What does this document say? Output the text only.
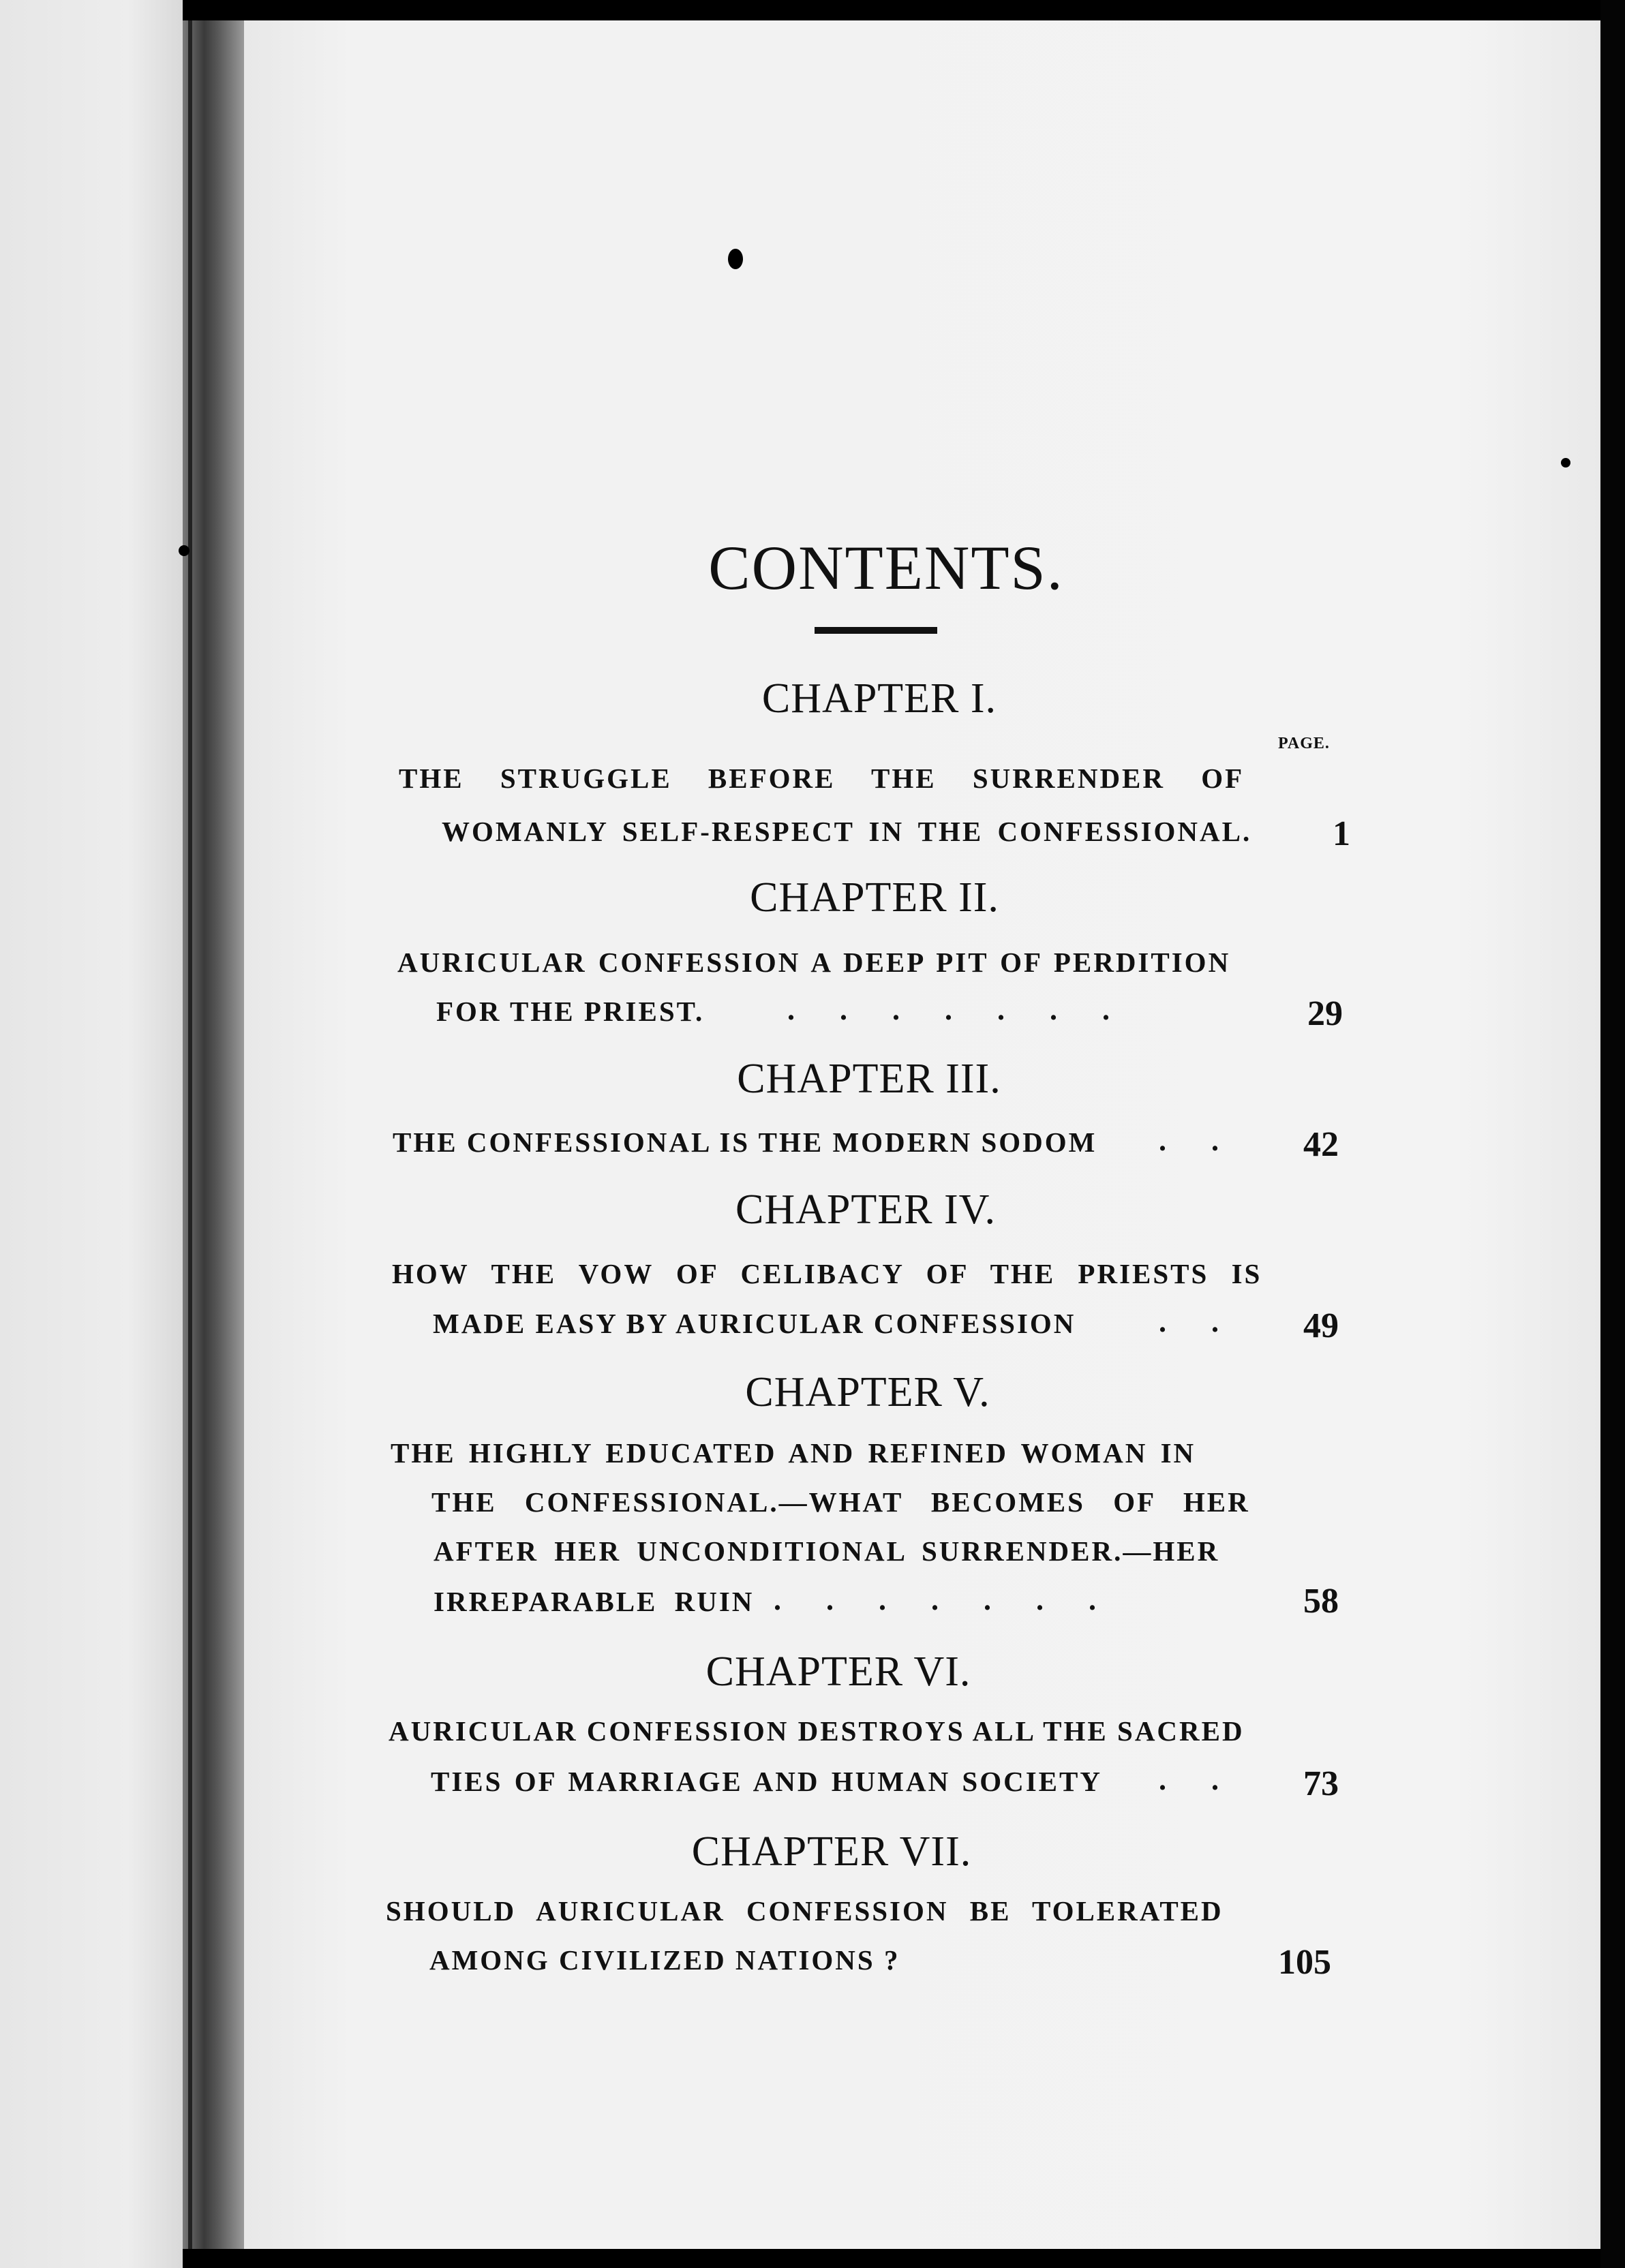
CONTENTS.
PAGE.
CHAPTER I.
THE STRUGGLE BEFORE THE SURRENDER OF
WOMANLY SELF-RESPECT IN THE CONFESSIONAL. 1
CHAPTER II.
AURICULAR CONFESSION A DEEP PIT OF PERDITION
FOR THE PRIEST.	.      .      .      .      .      .      .	29
CHAPTER III.
THE CONFESSIONAL IS THE MODERN SODOM .      . 42
CHAPTER IV.
HOW THE VOW OF CELIBACY OF THE PRIESTS IS
MADE EASY BY AURICULAR CONFESSION	.      . 49
CHAPTER V.
THE HIGHLY EDUCATED AND REFINED WOMAN IN
THE CONFESSIONAL.—WHAT BECOMES OF HER
AFTER HER UNCONDITIONAL SURRENDER.—HER
IRREPARABLE RUIN .      .      .      .      .      .      .	58
CHAPTER VI.
AURICULAR CONFESSION DESTROYS ALL THE SACRED
TIES OF MARRIAGE AND HUMAN SOCIETY .      . 73
CHAPTER VII.
SHOULD AURICULAR CONFESSION BE TOLERATED
AMONG CIVILIZED NATIONS ?	105
